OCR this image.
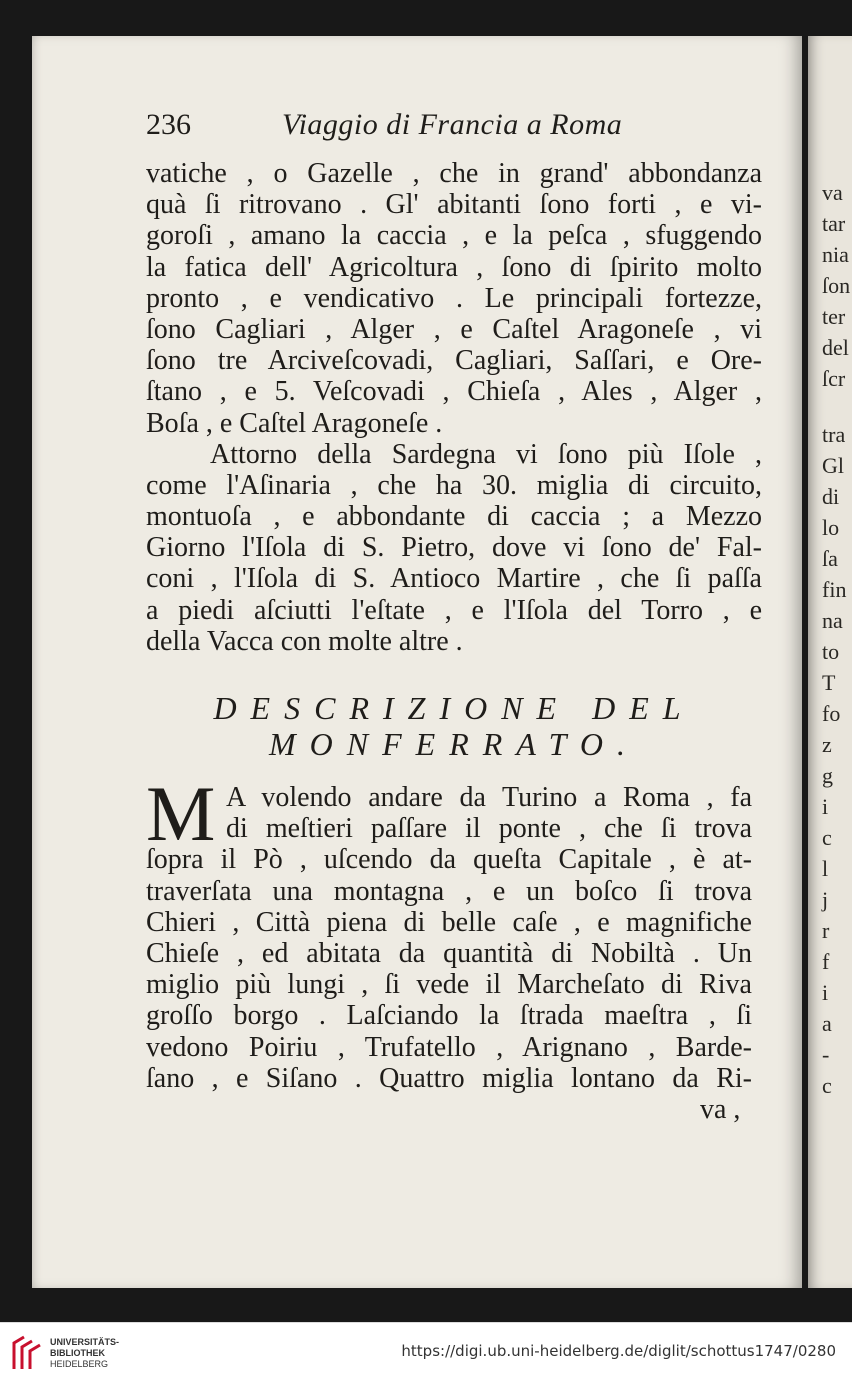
236	Viaggio di Francia a Roma
vatiche , o Gazelle , che in grand' abbondanza
quà ſi ritrovano . Gl' abitanti ſono forti , e vi-
goroſi , amano la caccia , e la peſca , sfuggendo
la fatica dell' Agricoltura , ſono di ſpirito molto
pronto , e vendicativo . Le principali fortezze,
ſono Cagliari , Alger , e Caſtel Aragoneſe , vi
ſono tre Arciveſcovadi, Cagliari, Saſſari, e Ore-
ſtano , e 5. Veſcovadi , Chieſa , Ales , Alger ,
Boſa , e Caſtel Aragoneſe .
Attorno della Sardegna vi ſono più Iſole ,
come l'Aſinaria , che ha 30. miglia di circuito,
montuoſa , e abbondante di caccia ; a Mezzo
Giorno l'Iſola di S. Pietro, dove vi ſono de' Fal-
coni , l'Iſola di S. Antioco Martire , che ſi paſſa
a piedi aſciutti l'eſtate , e l'Iſola del Torro , e
della Vacca con molte altre .
DESCRIZIONE DEL
MONFERRATO.
M A volendo andare da Turino a Roma , fa
di meſtieri paſſare il ponte , che ſi trova
ſopra il Pò , uſcendo da queſta Capitale , è at-
traverſata una montagna , e un boſco ſi trova
Chieri , Città piena di belle caſe , e magnifiche
Chieſe , ed abitata da quantità di Nobiltà . Un
miglio più lungi , ſi vede il Marcheſato di Riva
groſſo borgo . Laſciando la ſtrada maeſtra , ſi
vedono Poiriu , Trufatello , Arignano , Barde-
ſano , e Siſano . Quattro miglia lontano da Ri-
va ,
va
tar
nia
ſon
ter
del
ſcr
tra
Gl
di
lo
ſa
fin
na
to
T
fo
z
g
i
c
l
j
r
f
i
a
-
c
UNIVERSITÄTS-
BIBLIOTHEK
HEIDELBERG
https://digi.ub.uni-heidelberg.de/diglit/schottus1747/0280
